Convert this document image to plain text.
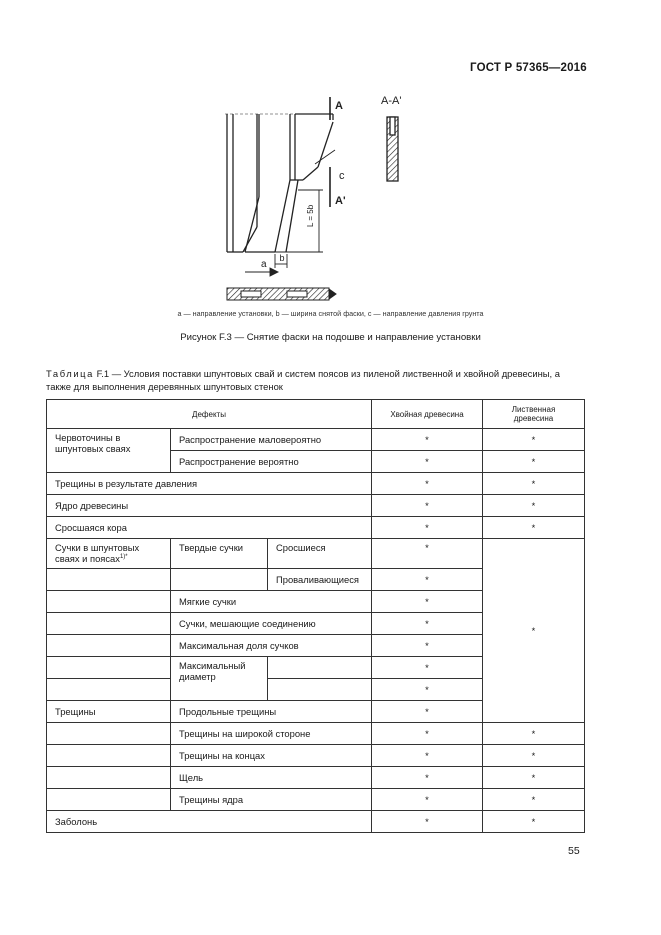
ГОСТ Р 57365—2016
A
A'
c
a
b
L = 5b
A-A'
a — направление установки, b — ширина снятой фаски, c — направление давления грунта
Рисунок F.3 — Снятие фаски на подошве и направление установки
Таблица F.1 — Условия поставки шпунтовых свай и систем поясов из пиленой лиственной и хвойной древесины, а также для выполнения деревянных шпунтовых стенок
Дефекты			Хвойная древесина	Лиственная древесина
Червоточины в шпунтовых сваях	Распространение маловероятно		*	*
	Распространение вероятно		*	*
Трещины в результате давления			*	*
Ядро древесины			*	*
Сросшаяся кора			*	*
Сучки в шпунтовых сваях и поясах$^{1)*}$	Твердые сучки	Сросшиеся	*	*
		Проваливающиеся	*	
	Мягкие сучки		*	
	Сучки, мешающие соединению		*	
	Максимальная доля сучков		*	
	Максимальный диаметр		*	
			*	
Трещины	Продольные трещины		*	
	Трещины на широкой стороне		*	*
	Трещины на концах		*	*
	Щель		*	*
	Трещины ядра		*	*
Заболонь			*	*
55
